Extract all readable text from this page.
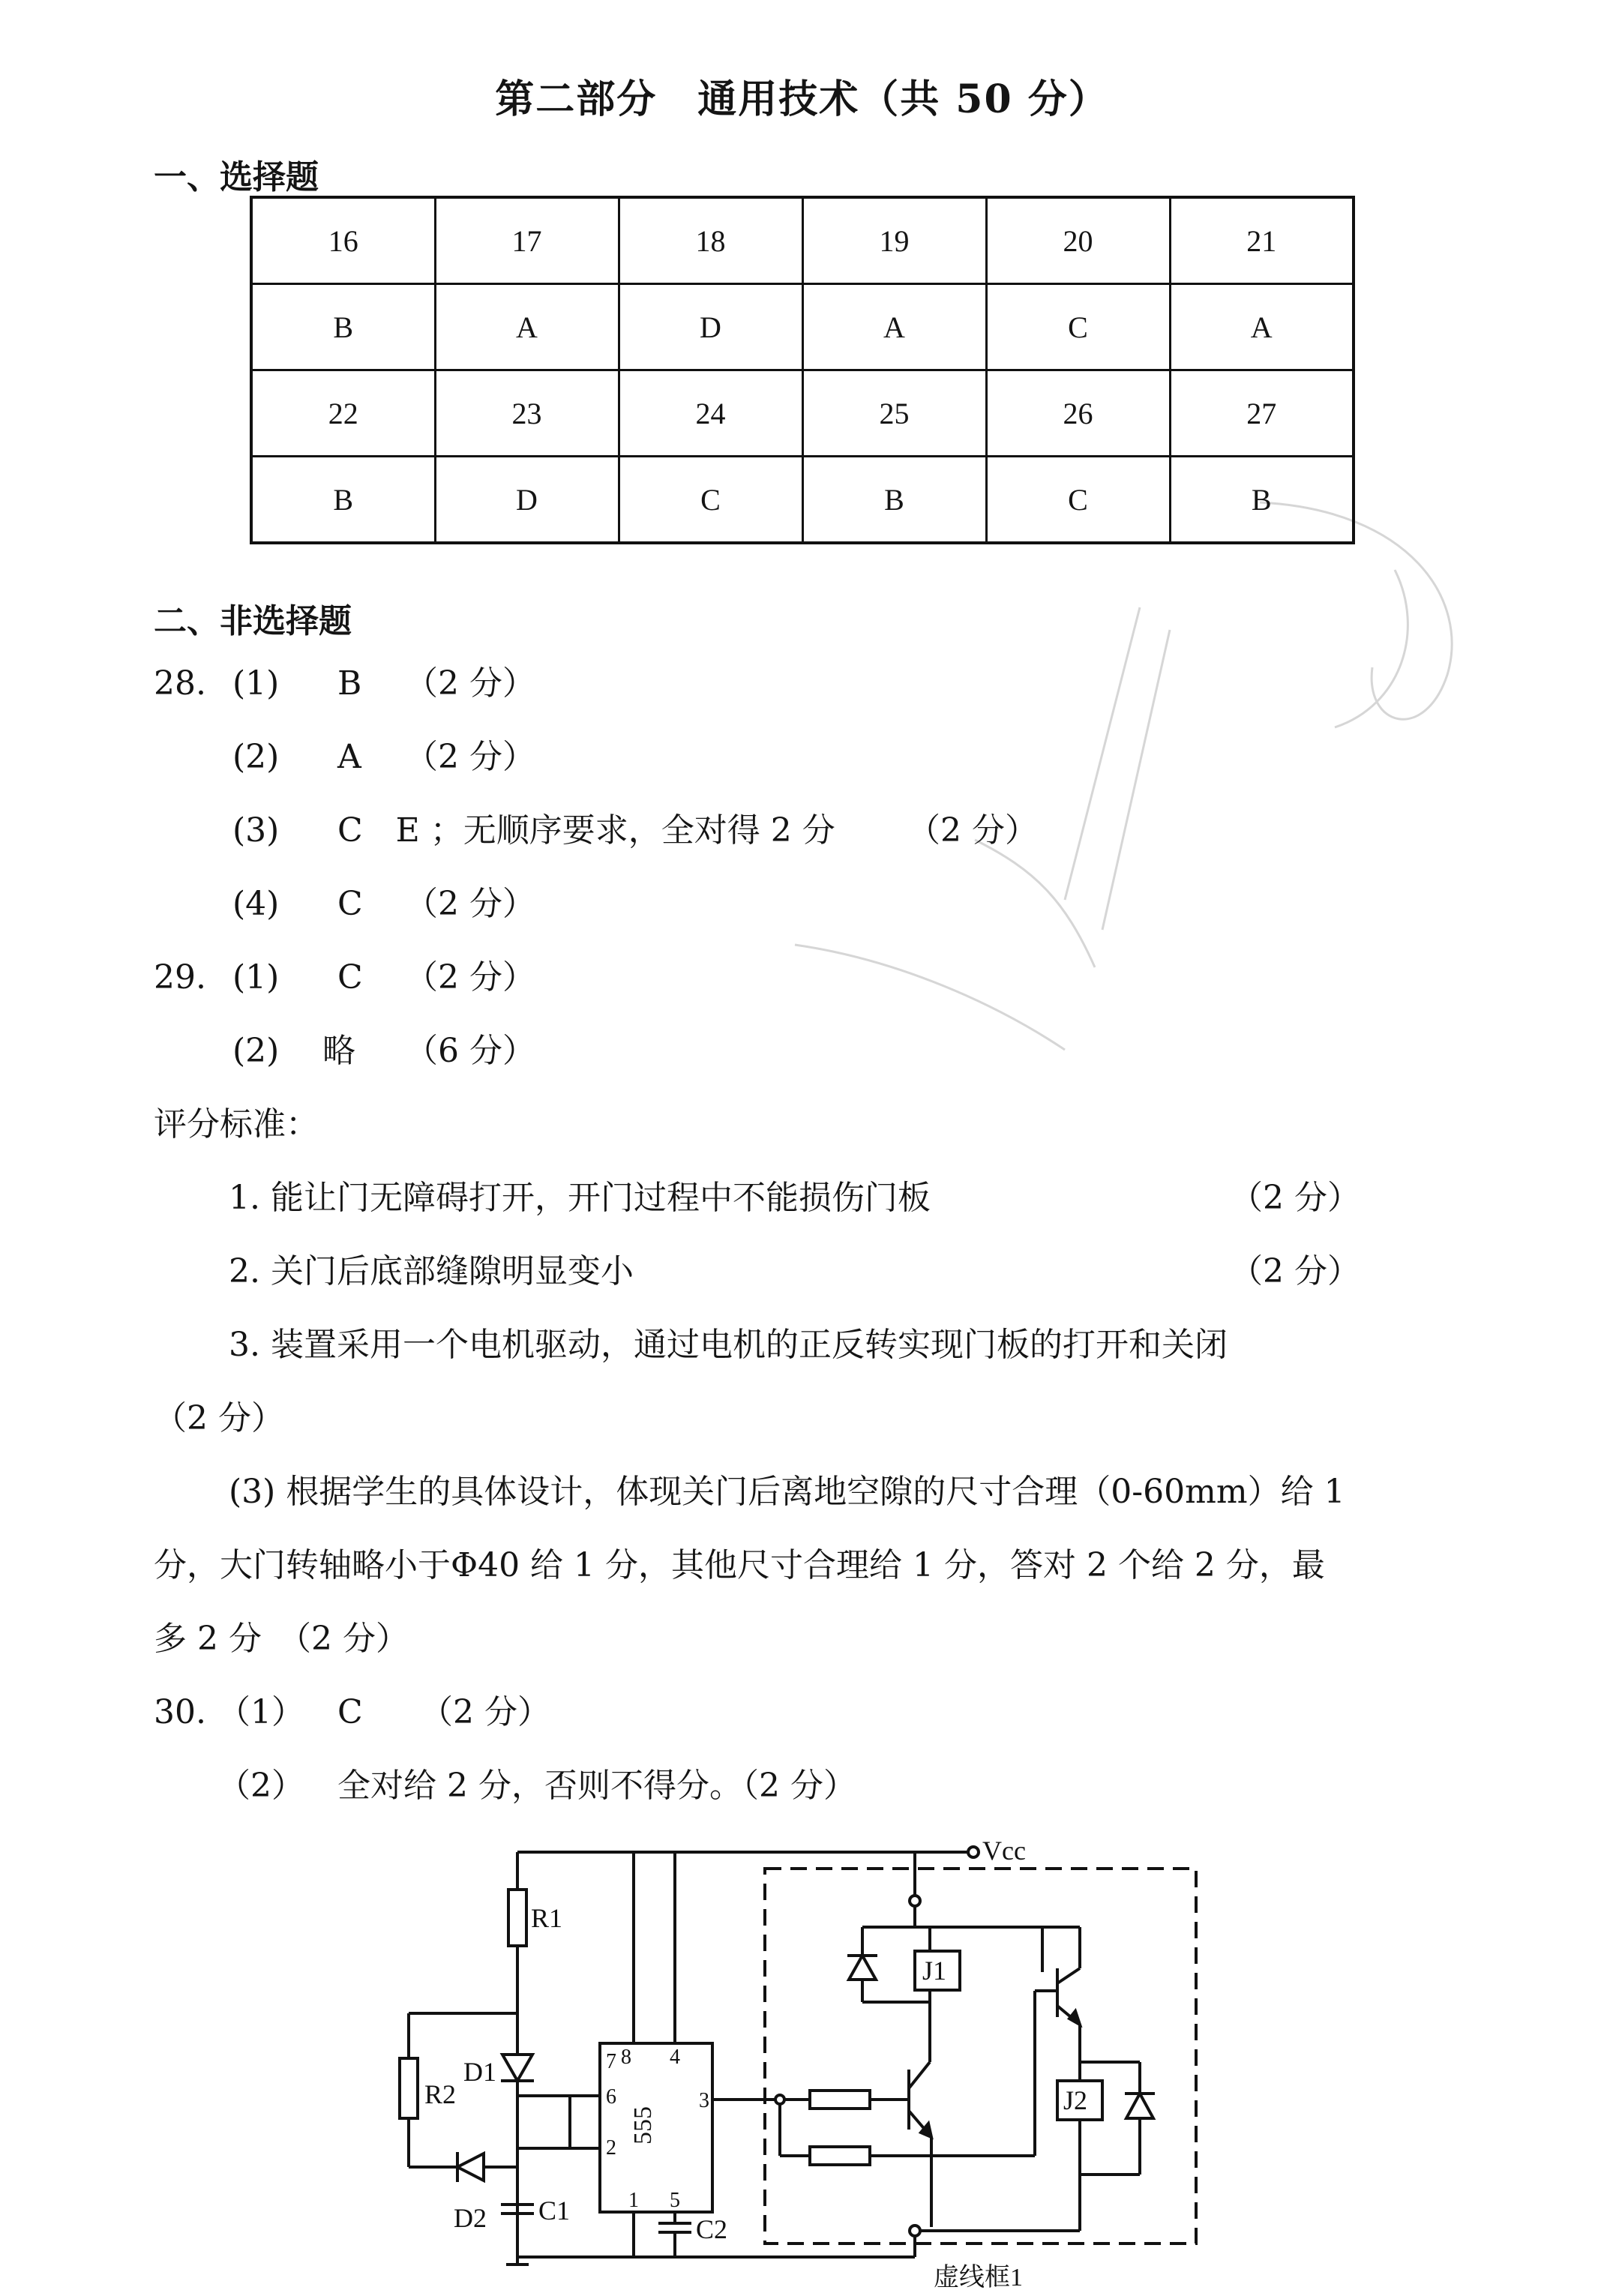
第二部分　通用技术（共 50 分）
一、选择题
16	17	18	19	20	21
B	A	D	A	C	A
22	23	24	25	26	27
B	D	C	B	C	B
二、非选择题
28. (1) B （2 分）
(2) A （2 分）
(3) C　E ；无顺序要求，全对得 2 分 （2 分）
(4) C （2 分）
29. (1) C （2 分）
(2) 略 （6 分）
评分标准：
1. 能让门无障碍打开，开门过程中不能损伤门板	（2 分）
2. 关门后底部缝隙明显变小	（2 分）
3. 装置采用一个电机驱动，通过电机的正反转实现门板的打开和关闭
（2 分）
(3) 根据学生的具体设计，体现关门后离地空隙的尺寸合理（0-60mm）给 1
分，大门转轴略小于Φ40 给 1 分，其他尺寸合理给 1 分，答对 2 个给 2 分，最
多 2 分　（2 分）
30. （1） C （2 分）
（2） 全对给 2 分，否则不得分。（2 分）
Vcc
R1
R2
D1
D2 C1
C2
J1
J2
虚线框1
7 8 4
6
2
3
1 5
555
